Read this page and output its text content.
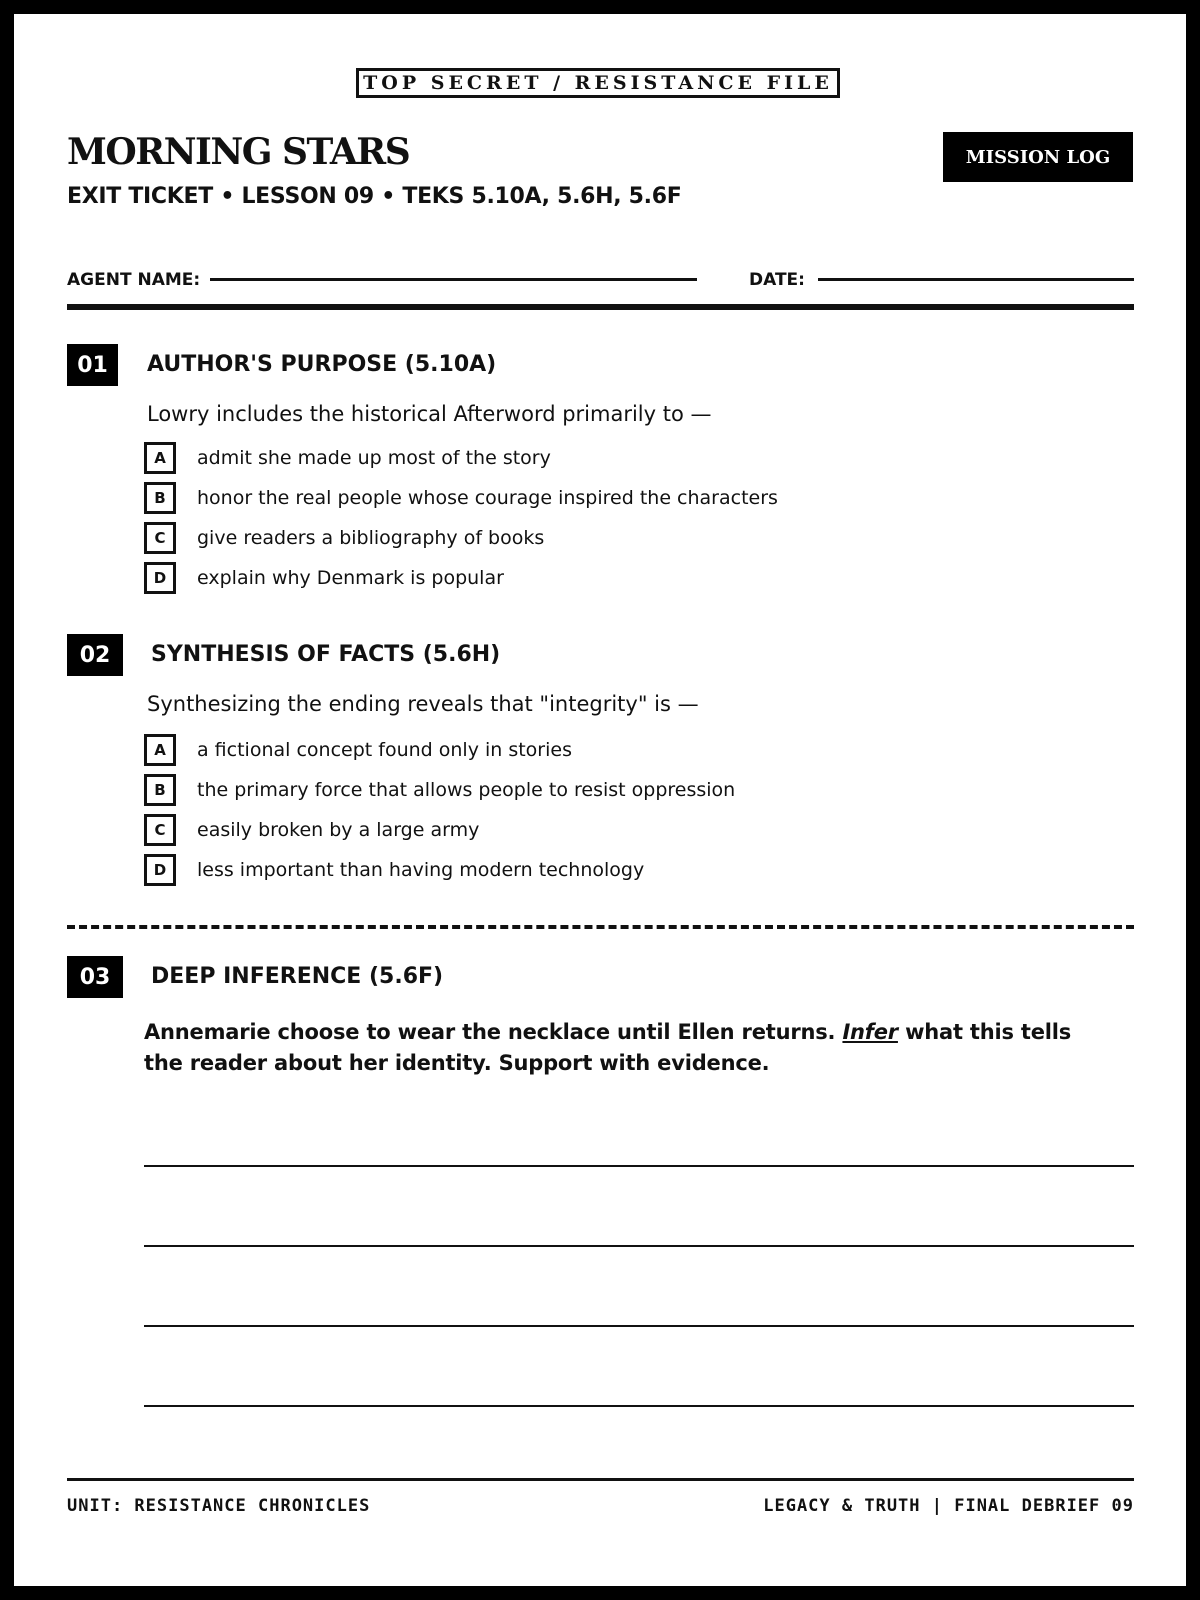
TOP SECRET / RESISTANCE FILE
MORNING STARS
EXIT TICKET • LESSON 09 • TEKS 5.10A, 5.6H, 5.6F
MISSION LOG
AGENT NAME:	DATE:
01	AUTHOR'S PURPOSE (5.10A)
Lowry includes the historical Afterword primarily to —
A	admit she made up most of the story
B	honor the real people whose courage inspired the characters
C	give readers a bibliography of books
D	explain why Denmark is popular
02	SYNTHESIS OF FACTS (5.6H)
Synthesizing the ending reveals that "integrity" is —
A	a fictional concept found only in stories
B	the primary force that allows people to resist oppression
C	easily broken by a large army
D	less important than having modern technology
03	DEEP INFERENCE (5.6F)
Annemarie choose to wear the necklace until Ellen returns. Infer what this tells the reader about her identity. Support with evidence.
UNIT: RESISTANCE CHRONICLES	LEGACY & TRUTH | FINAL DEBRIEF 09
